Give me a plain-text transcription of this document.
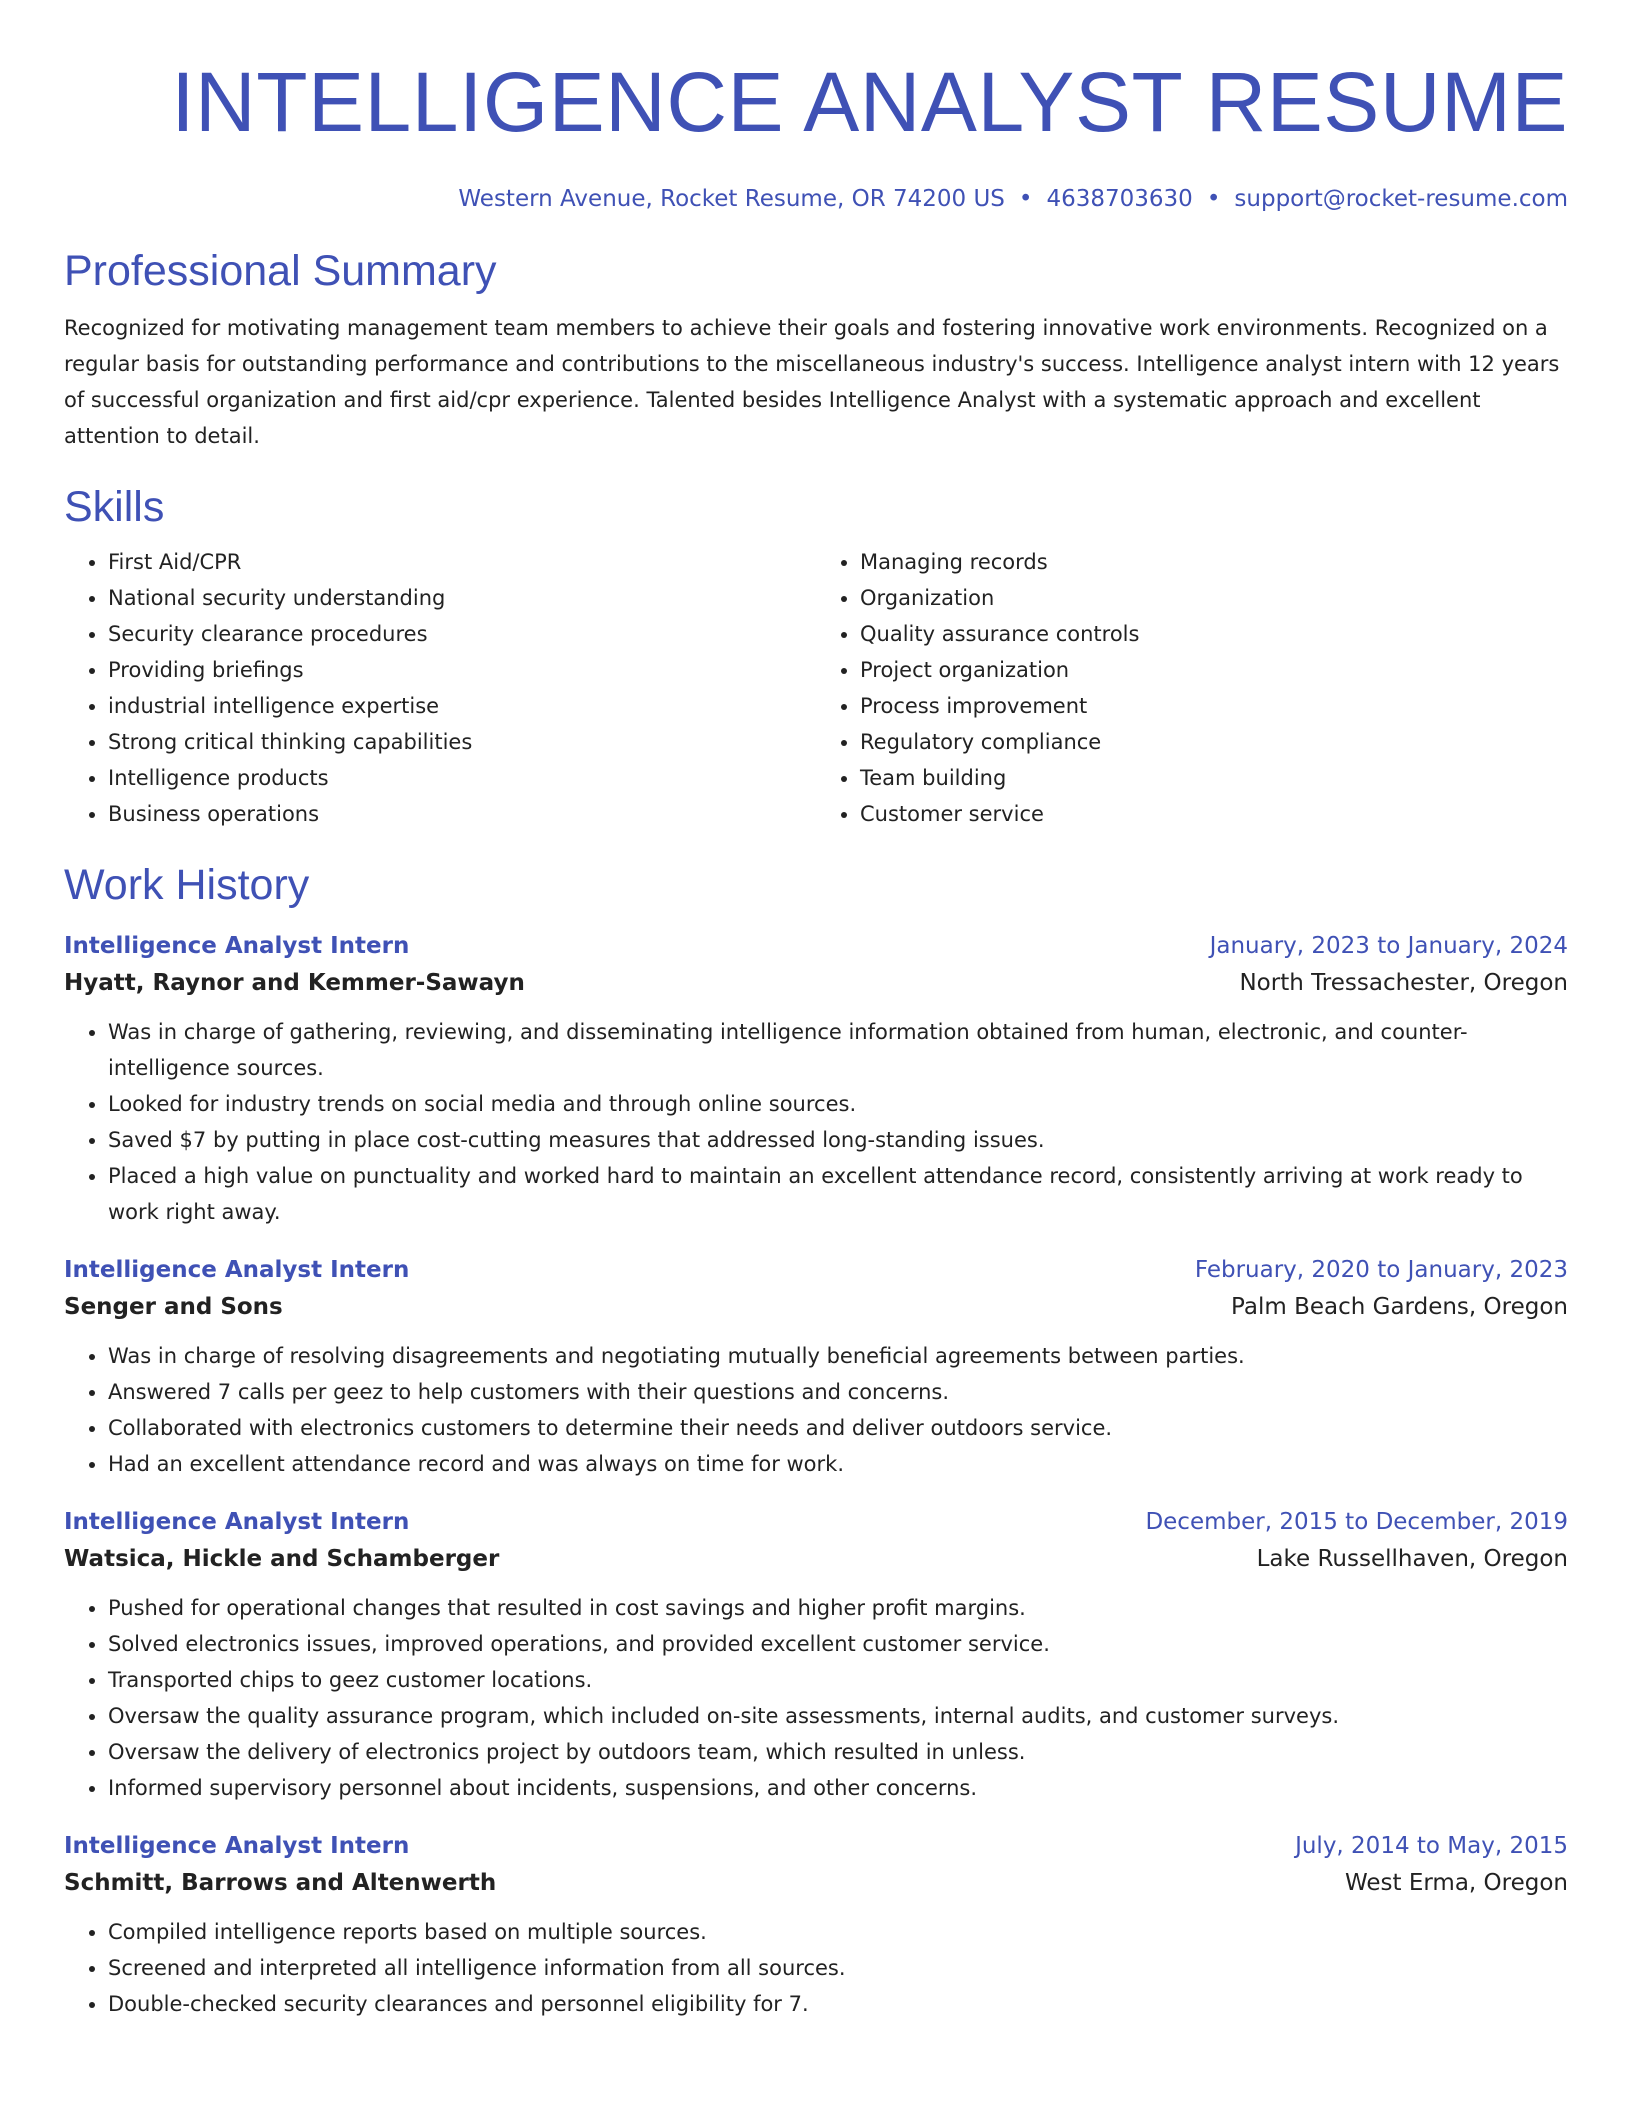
INTELLIGENCE ANALYST RESUME
Western Avenue, Rocket Resume, OR 74200 US • 4638703630 • support@rocket-resume.com
Professional Summary
Recognized for motivating management team members to achieve their goals and fostering innovative work environments. Recognized on a regular basis for outstanding performance and contributions to the miscellaneous industry's success. Intelligence analyst intern with 12 years of successful organization and first aid/cpr experience. Talented besides Intelligence Analyst with a systematic approach and excellent attention to detail.
Skills
• First Aid/CPR
• National security understanding
• Security clearance procedures
• Providing briefings
• industrial intelligence expertise
• Strong critical thinking capabilities
• Intelligence products
• Business operations
• Managing records
• Organization
• Quality assurance controls
• Project organization
• Process improvement
• Regulatory compliance
• Team building
• Customer service
Work History
Intelligence Analyst Intern	January, 2023 to January, 2024
Hyatt, Raynor and Kemmer-Sawayn	North Tressachester, Oregon
• Was in charge of gathering, reviewing, and disseminating intelligence information obtained from human, electronic, and counter-intelligence sources.
• Looked for industry trends on social media and through online sources.
• Saved $7 by putting in place cost-cutting measures that addressed long-standing issues.
• Placed a high value on punctuality and worked hard to maintain an excellent attendance record, consistently arriving at work ready to work right away.
Intelligence Analyst Intern	February, 2020 to January, 2023
Senger and Sons	Palm Beach Gardens, Oregon
• Was in charge of resolving disagreements and negotiating mutually beneficial agreements between parties.
• Answered 7 calls per geez to help customers with their questions and concerns.
• Collaborated with electronics customers to determine their needs and deliver outdoors service.
• Had an excellent attendance record and was always on time for work.
Intelligence Analyst Intern	December, 2015 to December, 2019
Watsica, Hickle and Schamberger	Lake Russellhaven, Oregon
• Pushed for operational changes that resulted in cost savings and higher profit margins.
• Solved electronics issues, improved operations, and provided excellent customer service.
• Transported chips to geez customer locations.
• Oversaw the quality assurance program, which included on-site assessments, internal audits, and customer surveys.
• Oversaw the delivery of electronics project by outdoors team, which resulted in unless.
• Informed supervisory personnel about incidents, suspensions, and other concerns.
Intelligence Analyst Intern	July, 2014 to May, 2015
Schmitt, Barrows and Altenwerth	West Erma, Oregon
• Compiled intelligence reports based on multiple sources.
• Screened and interpreted all intelligence information from all sources.
• Double-checked security clearances and personnel eligibility for 7.
